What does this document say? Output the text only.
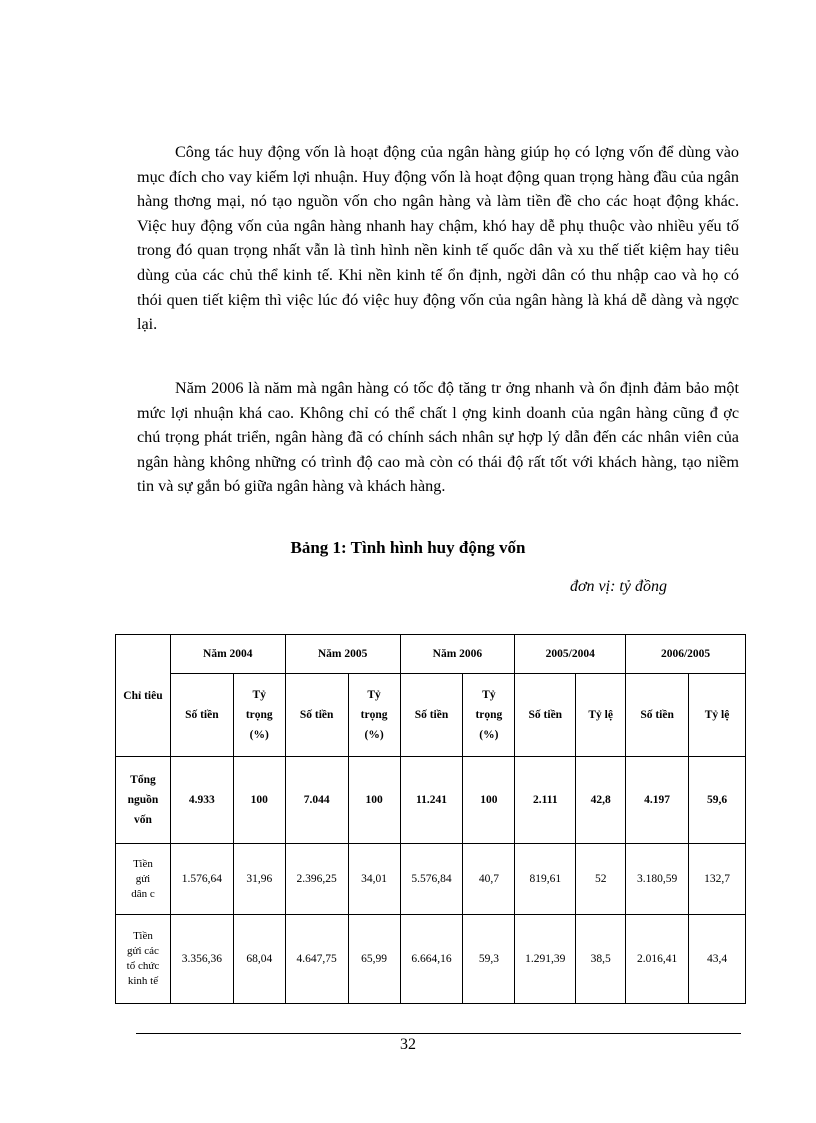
Công tác huy động vốn là hoạt động của ngân hàng giúp họ có lợng vốn để dùng vào mục đích cho vay kiếm lợi nhuận. Huy động vốn là hoạt động quan trọng hàng đầu của ngân hàng thơng mại, nó tạo nguồn vốn cho ngân hàng và làm tiền đề cho các hoạt động khác. Việc huy động vốn của ngân hàng nhanh hay chậm, khó hay dễ phụ thuộc vào nhiều yếu tố trong đó quan trọng nhất vẫn là tình hình nền kinh tế quốc dân và xu thế tiết kiệm hay tiêu dùng của các chủ thể kinh tế. Khi nền kinh tế ổn định, ngời dân có thu nhập cao và họ có thói quen tiết kiệm thì việc lúc đó việc huy động vốn của ngân hàng là khá dễ dàng và ngợc lại.

Năm 2006 là năm mà ngân hàng có tốc độ tăng tr ởng nhanh và ổn định đảm bảo một mức lợi nhuận khá cao. Không chỉ có thể chất l ợng kinh doanh của ngân hàng cũng đ ợc chú trọng phát triển, ngân hàng đã có chính sách nhân sự hợp lý dẫn đến các nhân viên của ngân hàng không những có trình độ cao mà còn có thái độ rất tốt với khách hàng, tạo niềm tin và sự gắn bó giữa ngân hàng và khách hàng.

Bảng 1: Tình hình huy động vốn
đơn vị: tỷ đồng
Chỉ tiêu	Năm 2004		Năm 2005		Năm 2006		2005/2004		2006/2005	
	Số tiền	Tỷ
trọng
(%)	Số tiền	Tỷ
trọng
(%)	Số tiền	Tỷ
trọng
(%)	Số tiền	Tỷ lệ	Số tiền	Tỷ lệ
Tổng
nguồn
vốn	4.933	100	7.044	100	11.241	100	2.111	42,8	4.197	59,6
Tiền
gửi
dân c	1.576,64	31,96	2.396,25	34,01	5.576,84	40,7	819,61	52	3.180,59	132,7
Tiền
gửi các
tổ chức
kinh tế	3.356,36	68,04	4.647,75	65,99	6.664,16	59,3	1.291,39	38,5	2.016,41	43,4
32
